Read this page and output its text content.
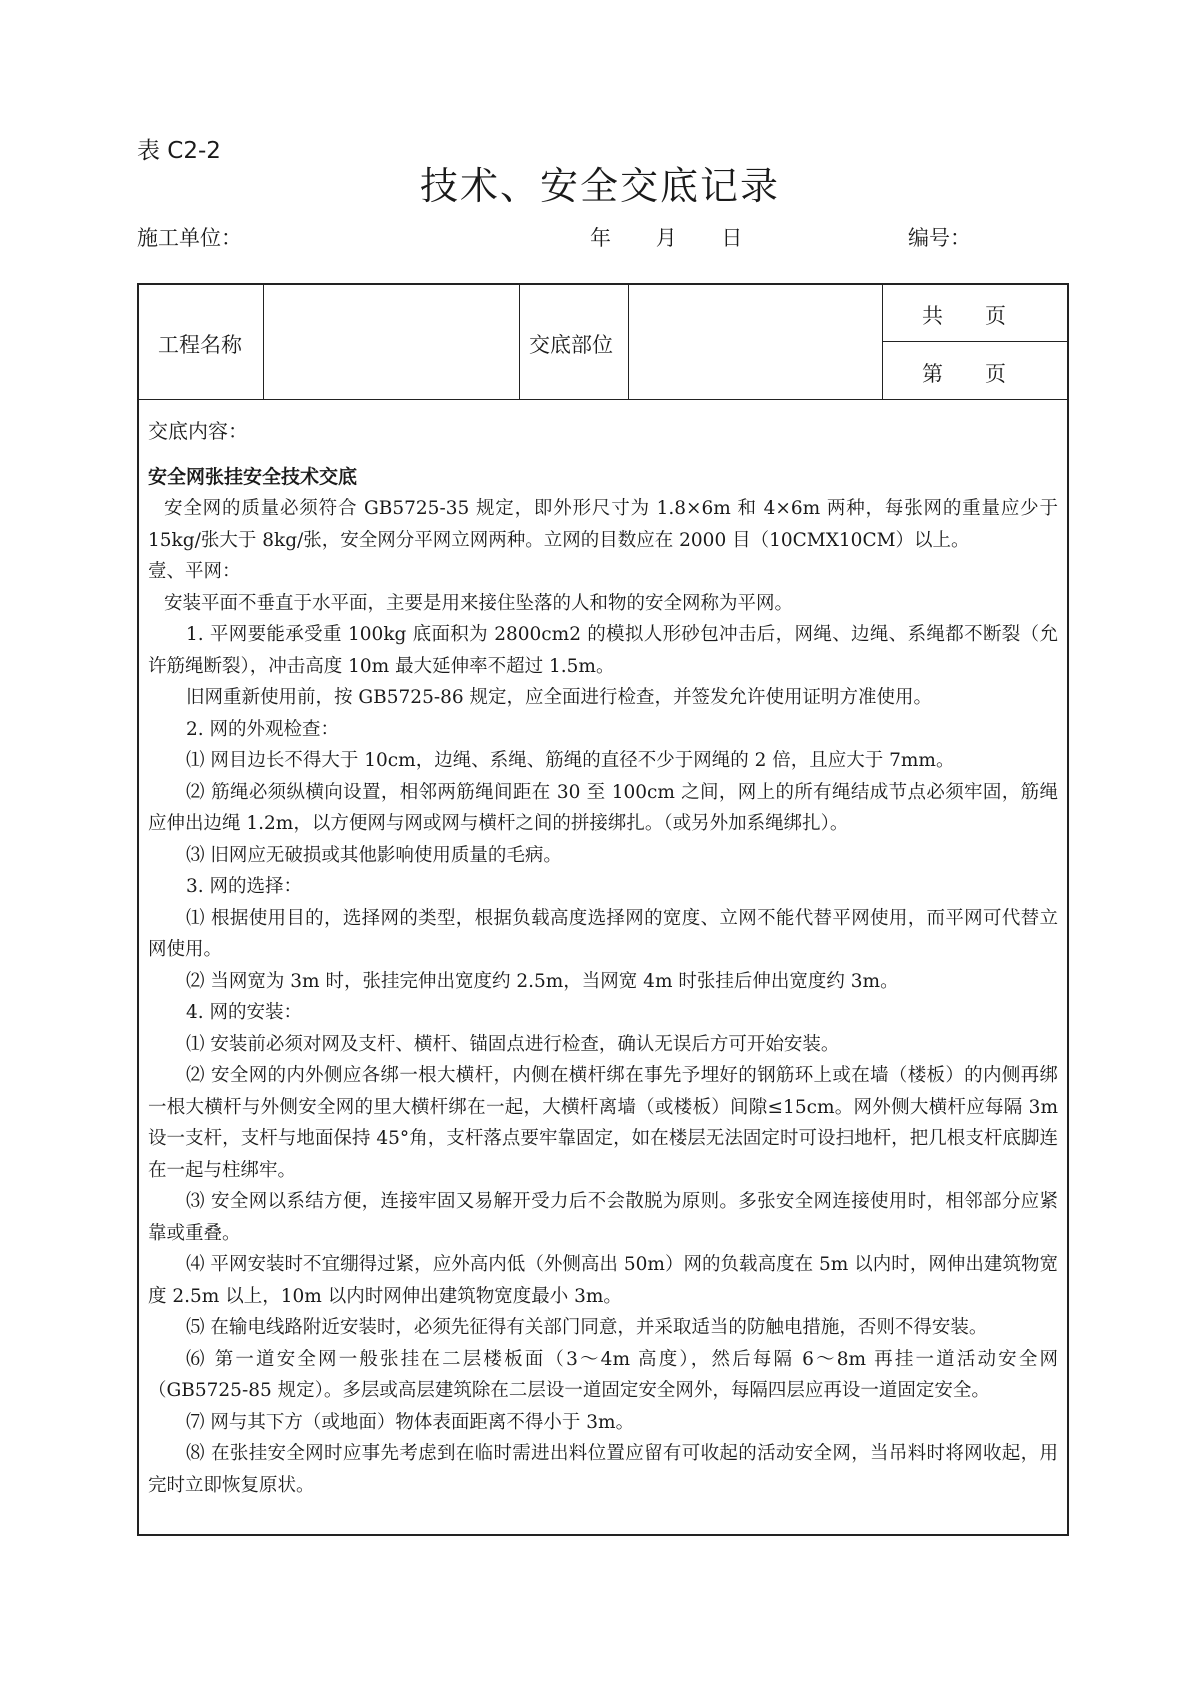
表 C2-2
技术、安全交底记录
施工单位：	年 月 日	编号：
工程名称	交底部位
共　　页
第　　页

交底内容：

安全网张挂安全技术交底

安全网的质量必须符合 GB5725-35 规定，即外形尺寸为 1.8×6m 和 4×6m 两种，每张网的重量应少于 15kg/张大于 8kg/张，安全网分平网立网两种。立网的目数应在 2000 目（10CMX10CM）以上。

壹、平网：

安装平面不垂直于水平面，主要是用来接住坠落的人和物的安全网称为平网。

1. 平网要能承受重 100kg 底面积为 2800cm2 的模拟人形砂包冲击后，网绳、边绳、系绳都不断裂（允许筋绳断裂），冲击高度 10m 最大延伸率不超过 1.5m。

旧网重新使用前，按 GB5725-86 规定，应全面进行检查，并签发允许使用证明方准使用。

2. 网的外观检查：

⑴ 网目边长不得大于 10cm，边绳、系绳、筋绳的直径不少于网绳的 2 倍，且应大于 7mm。

⑵ 筋绳必须纵横向设置，相邻两筋绳间距在 30 至 100cm 之间，网上的所有绳结成节点必须牢固，筋绳应伸出边绳 1.2m，以方便网与网或网与横杆之间的拼接绑扎。（或另外加系绳绑扎）。

⑶ 旧网应无破损或其他影响使用质量的毛病。

3. 网的选择：

⑴ 根据使用目的，选择网的类型，根据负载高度选择网的宽度、立网不能代替平网使用，而平网可代替立网使用。

⑵ 当网宽为 3m 时，张挂完伸出宽度约 2.5m，当网宽 4m 时张挂后伸出宽度约 3m。

4. 网的安装：

⑴ 安装前必须对网及支杆、横杆、锚固点进行检查，确认无误后方可开始安装。

⑵ 安全网的内外侧应各绑一根大横杆，内侧在横杆绑在事先予埋好的钢筋环上或在墙（楼板）的内侧再绑一根大横杆与外侧安全网的里大横杆绑在一起，大横杆离墙（或楼板）间隙≤15cm。网外侧大横杆应每隔 3m 设一支杆，支杆与地面保持 45°角，支杆落点要牢靠固定，如在楼层无法固定时可设扫地杆，把几根支杆底脚连在一起与柱绑牢。

⑶ 安全网以系结方便，连接牢固又易解开受力后不会散脱为原则。多张安全网连接使用时，相邻部分应紧靠或重叠。

⑷ 平网安装时不宜绷得过紧，应外高内低（外侧高出 50m）网的负载高度在 5m 以内时，网伸出建筑物宽度 2.5m 以上，10m 以内时网伸出建筑物宽度最小 3m。

⑸ 在输电线路附近安装时，必须先征得有关部门同意，并采取适当的防触电措施，否则不得安装。

⑹ 第一道安全网一般张挂在二层楼板面（3～4m 高度），然后每隔 6～8m 再挂一道活动安全网（GB5725-85 规定）。多层或高层建筑除在二层设一道固定安全网外，每隔四层应再设一道固定安全。

⑺ 网与其下方（或地面）物体表面距离不得小于 3m。

⑻ 在张挂安全网时应事先考虑到在临时需进出料位置应留有可收起的活动安全网，当吊料时将网收起，用完时立即恢复原状。
